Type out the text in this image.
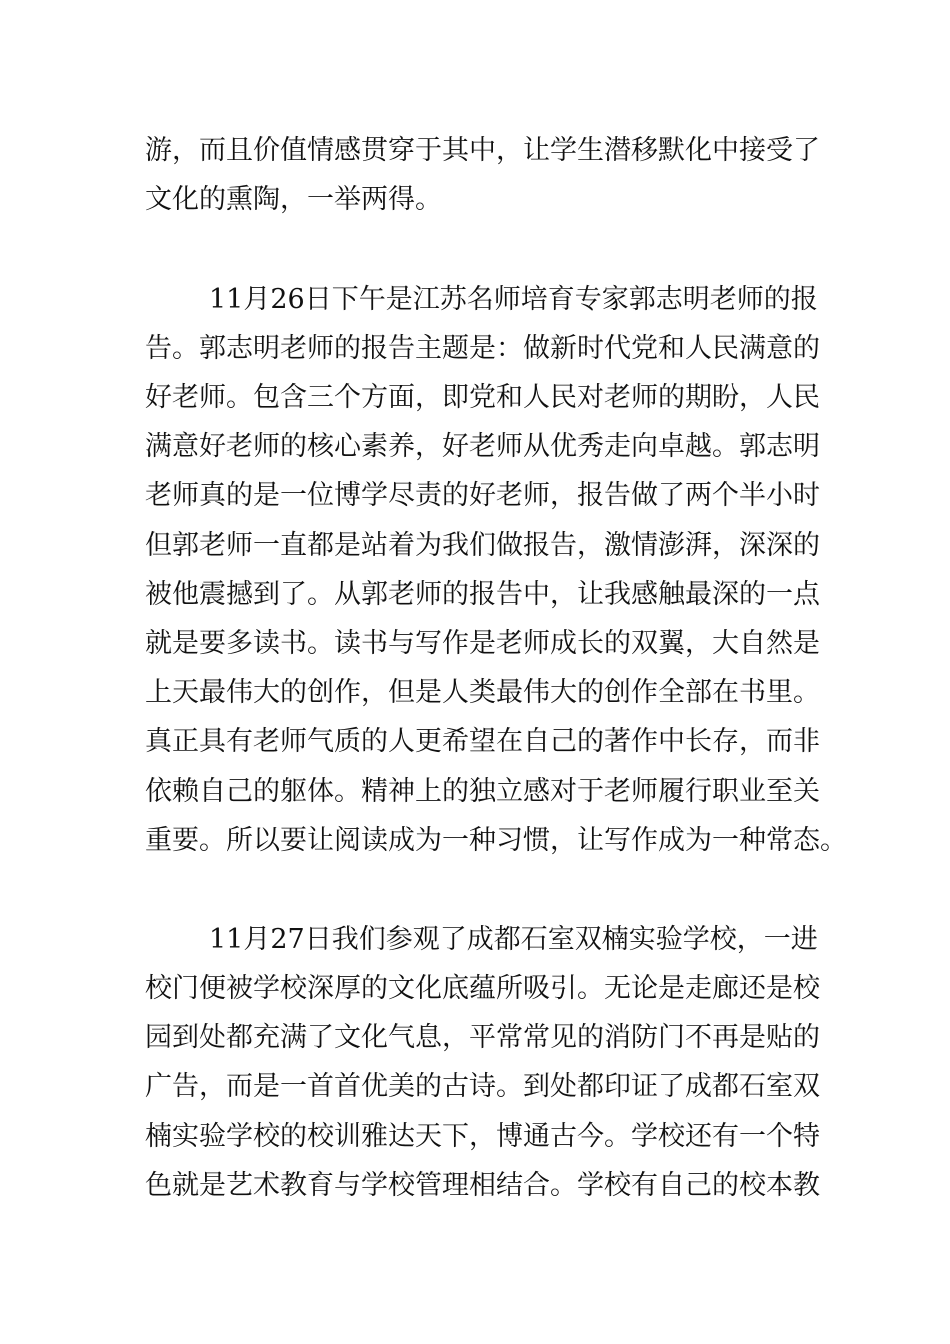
游，而且价值情感贯穿于其中，让学生潜移默化中接受了
文化的熏陶，一举两得。
11月26日下午是江苏名师培育专家郭志明老师的报
告。郭志明老师的报告主题是：做新时代党和人民满意的
好老师。包含三个方面，即党和人民对老师的期盼，人民
满意好老师的核心素养，好老师从优秀走向卓越。郭志明
老师真的是一位博学尽责的好老师，报告做了两个半小时
但郭老师一直都是站着为我们做报告，激情澎湃，深深的
被他震撼到了。从郭老师的报告中，让我感触最深的一点
就是要多读书。读书与写作是老师成长的双翼，大自然是
上天最伟大的创作，但是人类最伟大的创作全部在书里。
真正具有老师气质的人更希望在自己的著作中长存，而非
依赖自己的躯体。精神上的独立感对于老师履行职业至关
重要。所以要让阅读成为一种习惯，让写作成为一种常态。
11月27日我们参观了成都石室双楠实验学校，一进
校门便被学校深厚的文化底蕴所吸引。无论是走廊还是校
园到处都充满了文化气息，平常常见的消防门不再是贴的
广告，而是一首首优美的古诗。到处都印证了成都石室双
楠实验学校的校训雅达天下，博通古今。学校还有一个特
色就是艺术教育与学校管理相结合。学校有自己的校本教
